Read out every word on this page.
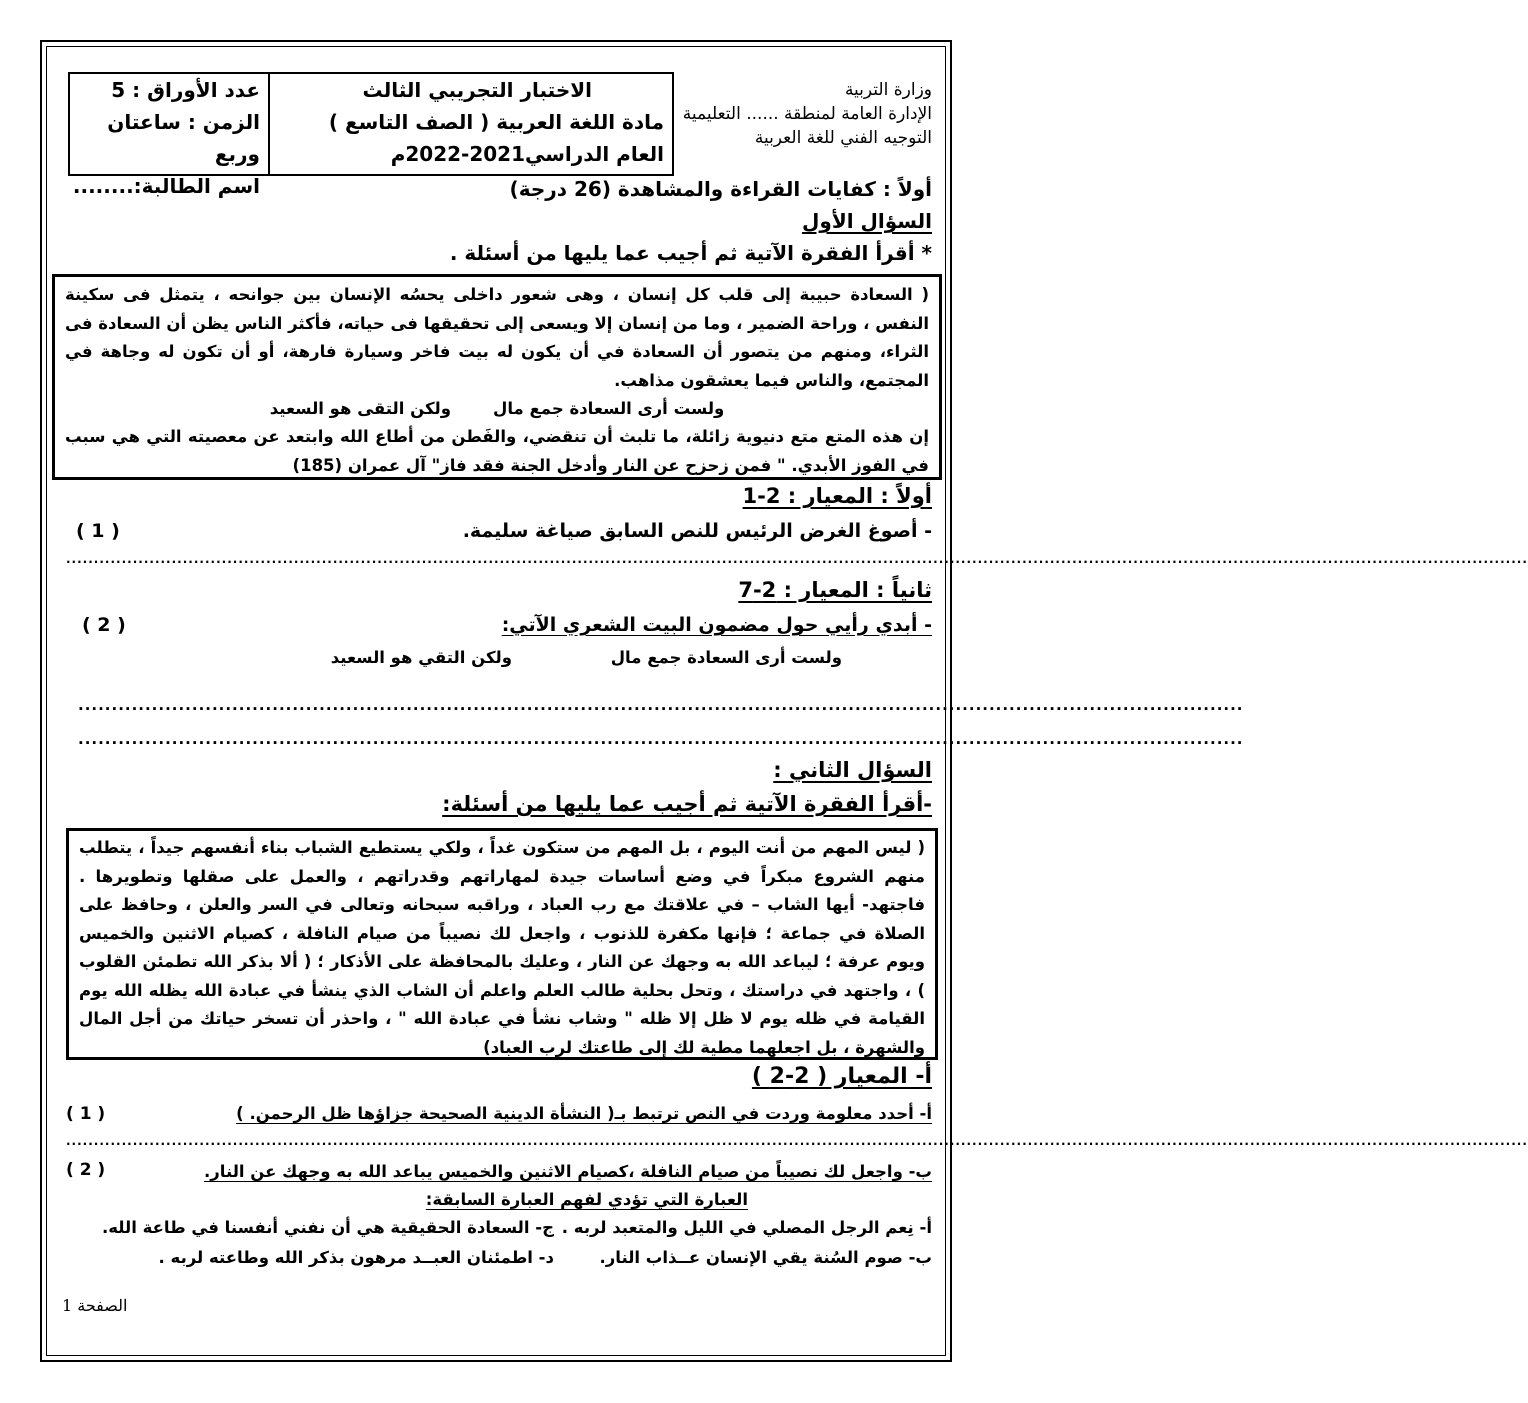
وزارة التربية
الإدارة العامة لمنطقة ...... التعليمية
التوجيه الفني للغة العربية
الاختبار التجريبي الثالث
مادة اللغة العربية ( الصف التاسع )
العام الدراسي2021-2022م
عدد الأوراق : 5
الزمن : ساعتان وربع
اسم الطالبة:........	أولاً : كفايات القراءة والمشاهدة (26 درجة)
السؤال الأول
* أقرأ الفقرة الآتية ثم أجيب عما يليها من أسئلة .

( السعادة حبيبة إلى قلب كل إنسان ، وهى شعور داخلى يحسُه الإنسان بين جوانحه ، يتمثل فى سكينة النفس ، وراحة الضمير ، وما من إنسان إلا ويسعى إلى تحقيقها فى حياته، فأكثر الناس يظن أن السعادة فى الثراء، ومنهم من يتصور أن السعادة في أن يكون له بيت فاخر وسيارة فارهة، أو أن تكون له وجاهة في المجتمع، والناس فيما يعشقون مذاهب.

ولست أرى السعادة جمع مال
ولكن التقى هو السعيد

إن هذه المتع متع دنيوية زائلة، ما تلبث أن تنقضي، والفَطن من أطاع الله وابتعد عن معصيته التي هي سبب في الفوز الأبدي. " فمن زحزح عن النار وأدخل الجنة فقد فاز" آل عمران (185)

أولاً : المعيار : 2-1
- أصوغ الغرض الرئيس للنص السابق صياغة سليمة.
( 1 )
.......................................................................................................................................................................................................................................................................
ثانياً : المعيار : 2-7
- أبدي رأيي حول مضمون البيت الشعري الآتي:
( 2 )
ولست أرى السعادة جمع مال
ولكن التقي هو السعيد
..............................................................................................................................................................................
..............................................................................................................................................................................
السؤال الثاني :
-أقرأ الفقرة الآتية ثم أجيب عما يليها من أسئلة:

( ليس المهم من أنت اليوم ، بل المهم من ستكون غداً ، ولكي يستطيع الشباب بناء أنفسهم جيداً ، يتطلب منهم الشروع مبكراً في وضع أساسات جيدة لمهاراتهم وقدراتهم ، والعمل على صقلها وتطويرها . فاجتهد- أيها الشاب – في علاقتك مع رب العباد ، وراقبه سبحانه وتعالى في السر والعلن ، وحافظ على الصلاة في جماعة ؛ فإنها مكفرة للذنوب ، واجعل لك نصيباً من صيام النافلة ، كصيام الاثنين والخميس ويوم عرفة ؛ ليباعد الله به وجهك عن النار ، وعليك بالمحافظة على الأذكار ؛ ( ألا بذكر الله تطمئن القلوب ) ، واجتهد في دراستك ، وتحل بحلية طالب العلم واعلم أن الشاب الذي ينشأ في عبادة الله يظله الله يوم القيامة في ظله يوم لا ظل إلا ظله " وشاب نشأ في عبادة الله " ، واحذر أن تسخر حياتك من أجل المال والشهرة ، بل اجعلهما مطية لك إلى طاعتك لرب العباد)

أ- المعيار ( 2-2 )
أ- أحدد معلومة وردت في النص ترتبط بـ( النشأة الدينية الصحيحة جزاؤها ظل الرحمن. )
( 1 )
.......................................................................................................................................................................................................................................................................
ب- واجعل لك نصيباً من صيام النافلة ،كصيام الاثنين والخميس يباعد الله به وجهك عن النار.
( 2 )
العبارة التي تؤدي لفهم العبارة السابقة:
أ- نِعم الرجل المصلي في الليل والمتعبد لربه .
ج- السعادة الحقيقية هي أن نفني أنفسنا في طاعة الله.
ب- صوم السُنة يقي الإنسان عــذاب النار.
د- اطمئنان العبــد مرهون بذكر الله وطاعته لربه .
الصفحة 1
